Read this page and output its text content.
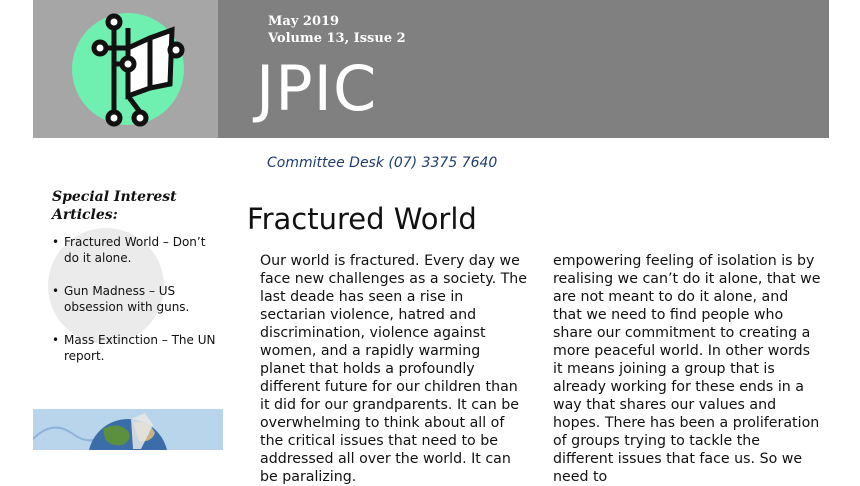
May 2019
Volume 13, Issue 2
JPIC
Committee Desk (07) 3375 7640
Special Interest Articles:
• Fractured World – Don’t do it alone.
• Gun Madness – US obsession with guns.
• Mass Extinction – The UN report.
Fractured World
Our world is fractured. Every day we face new challenges as a society. The last deade has seen a rise in sectarian violence, hatred and discrimination, violence against women, and a rapidly warming planet that holds a profoundly different future for our children than it did for our grandparents. It can be overwhelming to think about all of the critical issues that need to be addressed all over the world. It can be paralizing.
empowering feeling of isolation is by realising we can’t do it alone, that we are not meant to do it alone, and that we need to find people who share our commitment to creating a more peaceful world. In other words it means joining a group that is already working for these ends in a way that shares our values and hopes. There has been a proliferation of groups trying to tackle the different issues that face us. So we need to
